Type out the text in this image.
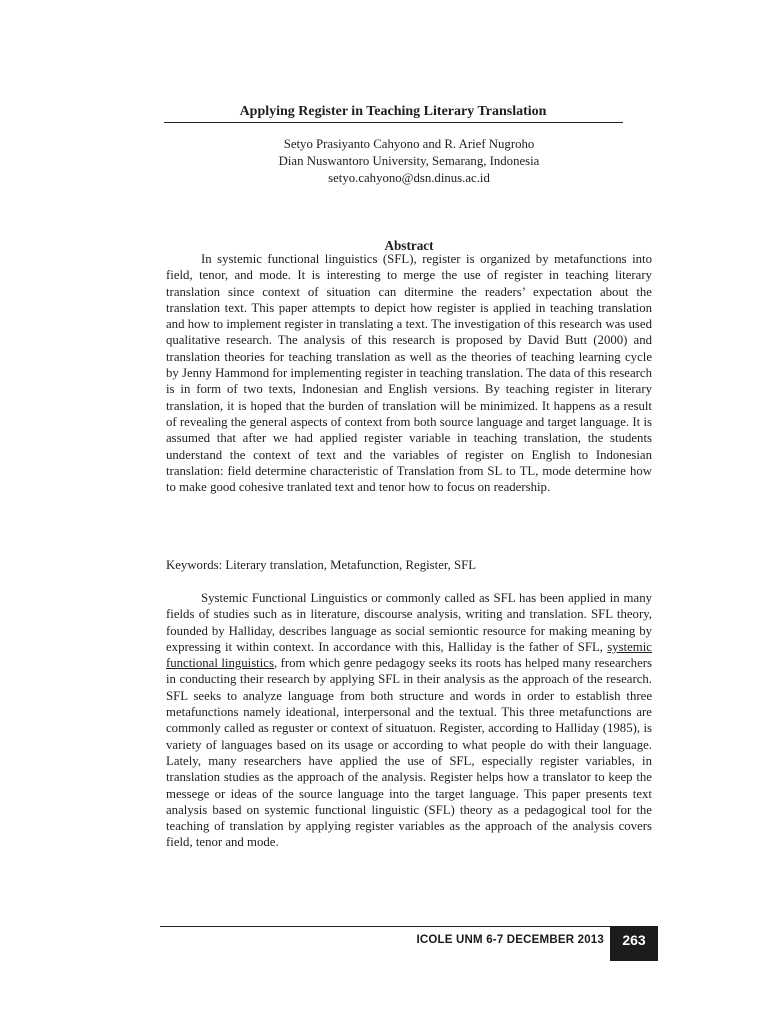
Applying Register in Teaching Literary Translation
Setyo Prasiyanto Cahyono and R. Arief Nugroho
Dian Nuswantoro University, Semarang, Indonesia
setyo.cahyono@dsn.dinus.ac.id
Abstract

In systemic functional linguistics (SFL), register is organized by metafunctions into field, tenor, and mode. It is interesting to merge the use of register in teaching literary translation since context of situation can ditermine the readers’ expectation about the translation text. This paper attempts to depict how register is applied in teaching translation and how to implement register in translating a text. The investigation of this research was used qualitative research. The analysis of this research is proposed by David Butt (2000) and translation theories for teaching translation as well as the theories of teaching learning cycle by Jenny Hammond for implementing register in teaching translation. The data of this research is in form of two texts, Indonesian and English versions. By teaching register in literary translation, it is hoped that the burden of translation will be minimized. It happens as a result of revealing the general aspects of context from both source language and target language. It is assumed that after we had applied register variable in teaching translation, the students understand the context of text and the variables of register on English to Indonesian translation: field determine characteristic of Translation from SL to TL, mode determine how to make good cohesive tranlated text and tenor how to focus on readership.

Keywords: Literary translation, Metafunction, Register, SFL

Systemic Functional Linguistics or commonly called as SFL has been applied in many fields of studies such as in literature, discourse analysis, writing and translation. SFL theory, founded by Halliday, describes language as social semiontic resource for making meaning by expressing it within context. In accordance with this, Halliday is the father of SFL, systemic functional linguistics, from which genre pedagogy seeks its roots has helped many researchers in conducting their research by applying SFL in their analysis as the approach of the research. SFL seeks to analyze language from both structure and words in order to establish three metafunctions namely ideational, interpersonal and the textual. This three metafunctions are commonly called as reguster or context of situatuon. Register, according to Halliday (1985), is variety of languages based on its usage or according to what people do with their language. Lately, many researchers have applied the use of SFL, especially register variables, in translation studies as the approach of the analysis. Register helps how a translator to keep the messege or ideas of the source language into the target language. This paper presents text analysis based on systemic functional linguistic (SFL) theory as a pedagogical tool for the teaching of translation by applying register variables as the approach of the analysis covers field, tenor and mode.

ICOLE UNM 6-7 DECEMBER 2013	263
